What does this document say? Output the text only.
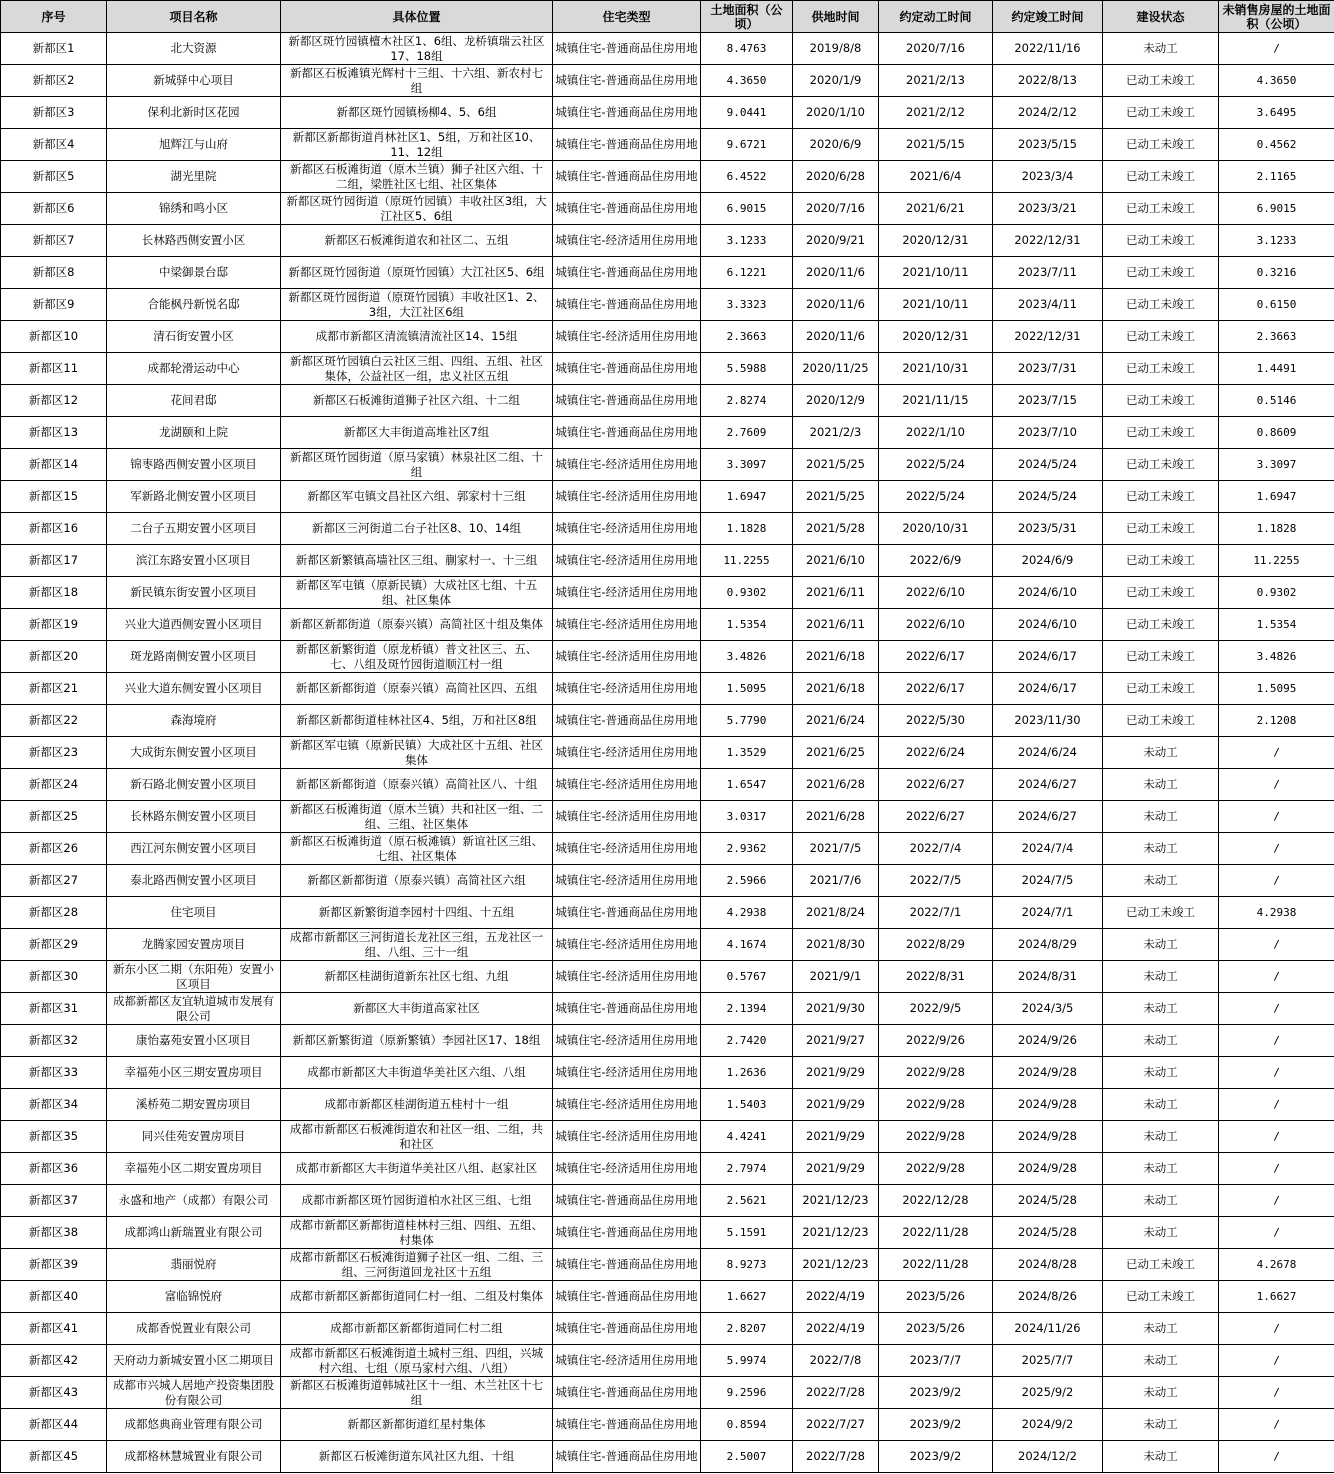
序号	项目名称	具体位置	住宅类型	土地面积（公顷）	供地时间	约定动工时间	约定竣工时间	建设状态	未销售房屋的土地面积（公顷）
新都区1	北大资源	新都区斑竹园镇檀木社区1、6组、龙桥镇瑞云社区17、18组	城镇住宅-普通商品住房用地	8.4763	2019/8/8	2020/7/16	2022/11/16	未动工	/
新都区2	新城驿中心项目	新都区石板滩镇光辉村十三组、十六组、新农村七组	城镇住宅-普通商品住房用地	4.3650	2020/1/9	2021/2/13	2022/8/13	已动工未竣工	4.3650
新都区3	保利北新时区花园	新都区斑竹园镇杨柳4、5、6组	城镇住宅-普通商品住房用地	9.0441	2020/1/10	2021/2/12	2024/2/12	已动工未竣工	3.6495
新都区4	旭辉江与山府	新都区新都街道肖林社区1、5组，万和社区10、11、12组	城镇住宅-普通商品住房用地	9.6721	2020/6/9	2021/5/15	2023/5/15	已动工未竣工	0.4562
新都区5	湖光里院	新都区石板滩街道（原木兰镇）狮子社区六组、十二组，梁胜社区七组、社区集体	城镇住宅-普通商品住房用地	6.4522	2020/6/28	2021/6/4	2023/3/4	已动工未竣工	2.1165
新都区6	锦绣和鸣小区	新都区斑竹园街道（原斑竹园镇）丰收社区3组，大江社区5、6组	城镇住宅-普通商品住房用地	6.9015	2020/7/16	2021/6/21	2023/3/21	已动工未竣工	6.9015
新都区7	长林路西侧安置小区	新都区石板滩街道农和社区二、五组	城镇住宅-经济适用住房用地	3.1233	2020/9/21	2020/12/31	2022/12/31	已动工未竣工	3.1233
新都区8	中梁御景台邸	新都区斑竹园街道（原斑竹园镇）大江社区5、6组	城镇住宅-普通商品住房用地	6.1221	2020/11/6	2021/10/11	2023/7/11	已动工未竣工	0.3216
新都区9	合能枫丹新悦名邸	新都区斑竹园街道（原斑竹园镇）丰收社区1、2、3组，大江社区6组	城镇住宅-普通商品住房用地	3.3323	2020/11/6	2021/10/11	2023/4/11	已动工未竣工	0.6150
新都区10	清石街安置小区	成都市新都区清流镇清流社区14、15组	城镇住宅-经济适用住房用地	2.3663	2020/11/6	2020/12/31	2022/12/31	已动工未竣工	2.3663
新都区11	成都轮滑运动中心	新都区斑竹园镇白云社区三组、四组、五组、社区集体，公益社区一组，忠义社区五组	城镇住宅-普通商品住房用地	5.5988	2020/11/25	2021/10/31	2023/7/31	已动工未竣工	1.4491
新都区12	花间君邸	新都区石板滩街道狮子社区六组、十二组	城镇住宅-普通商品住房用地	2.8274	2020/12/9	2021/11/15	2023/7/15	已动工未竣工	0.5146
新都区13	龙湖颐和上院	新都区大丰街道高堆社区7组	城镇住宅-普通商品住房用地	2.7609	2021/2/3	2022/1/10	2023/7/10	已动工未竣工	0.8609
新都区14	锦枣路西侧安置小区项目	新都区斑竹园街道（原马家镇）林泉社区二组、十组	城镇住宅-经济适用住房用地	3.3097	2021/5/25	2022/5/24	2024/5/24	已动工未竣工	3.3097
新都区15	军新路北侧安置小区项目	新都区军屯镇文昌社区六组、郭家村十三组	城镇住宅-经济适用住房用地	1.6947	2021/5/25	2022/5/24	2024/5/24	已动工未竣工	1.6947
新都区16	二台子五期安置小区项目	新都区三河街道二台子社区8、10、14组	城镇住宅-经济适用住房用地	1.1828	2021/5/28	2020/10/31	2023/5/31	已动工未竣工	1.1828
新都区17	滨江东路安置小区项目	新都区新繁镇高墙社区三组、蒯家村一、十三组	城镇住宅-经济适用住房用地	11.2255	2021/6/10	2022/6/9	2024/6/9	已动工未竣工	11.2255
新都区18	新民镇东街安置小区项目	新都区军屯镇（原新民镇）大成社区七组、十五组、社区集体	城镇住宅-经济适用住房用地	0.9302	2021/6/11	2022/6/10	2024/6/10	已动工未竣工	0.9302
新都区19	兴业大道西侧安置小区项目	新都区新都街道（原泰兴镇）高简社区十组及集体	城镇住宅-经济适用住房用地	1.5354	2021/6/11	2022/6/10	2024/6/10	已动工未竣工	1.5354
新都区20	斑龙路南侧安置小区项目	新都区新繁街道（原龙桥镇）普文社区三、五、七、八组及斑竹园街道顺江村一组	城镇住宅-经济适用住房用地	3.4826	2021/6/18	2022/6/17	2024/6/17	已动工未竣工	3.4826
新都区21	兴业大道东侧安置小区项目	新都区新都街道（原泰兴镇）高简社区四、五组	城镇住宅-经济适用住房用地	1.5095	2021/6/18	2022/6/17	2024/6/17	已动工未竣工	1.5095
新都区22	森海境府	新都区新都街道桂林社区4、5组，万和社区8组	城镇住宅-普通商品住房用地	5.7790	2021/6/24	2022/5/30	2023/11/30	已动工未竣工	2.1208
新都区23	大成街东侧安置小区项目	新都区军屯镇（原新民镇）大成社区十五组、社区集体	城镇住宅-经济适用住房用地	1.3529	2021/6/25	2022/6/24	2024/6/24	未动工	/
新都区24	新石路北侧安置小区项目	新都区新都街道（原泰兴镇）高简社区八、十组	城镇住宅-经济适用住房用地	1.6547	2021/6/28	2022/6/27	2024/6/27	未动工	/
新都区25	长林路东侧安置小区项目	新都区石板滩街道（原木兰镇）共和社区一组、二组、三组、社区集体	城镇住宅-经济适用住房用地	3.0317	2021/6/28	2022/6/27	2024/6/27	未动工	/
新都区26	西江河东侧安置小区项目	新都区石板滩街道（原石板滩镇）新谊社区三组、七组、社区集体	城镇住宅-经济适用住房用地	2.9362	2021/7/5	2022/7/4	2024/7/4	未动工	/
新都区27	泰北路西侧安置小区项目	新都区新都街道（原泰兴镇）高简社区六组	城镇住宅-经济适用住房用地	2.5966	2021/7/6	2022/7/5	2024/7/5	未动工	/
新都区28	住宅项目	新都区新繁街道李园村十四组、十五组	城镇住宅-普通商品住房用地	4.2938	2021/8/24	2022/7/1	2024/7/1	已动工未竣工	4.2938
新都区29	龙腾家园安置房项目	成都市新都区三河街道长龙社区三组，五龙社区一组、八组、三十一组	城镇住宅-经济适用住房用地	4.1674	2021/8/30	2022/8/29	2024/8/29	未动工	/
新都区30	新东小区二期（东阳苑）安置小区项目	新都区桂湖街道新东社区七组、九组	城镇住宅-经济适用住房用地	0.5767	2021/9/1	2022/8/31	2024/8/31	未动工	/
新都区31	成都新都区友宜轨道城市发展有限公司	新都区大丰街道高家社区	城镇住宅-普通商品住房用地	2.1394	2021/9/30	2022/9/5	2024/3/5	未动工	/
新都区32	康怡嘉苑安置小区项目	新都区新繁街道（原新繁镇）李园社区17、18组	城镇住宅-经济适用住房用地	2.7420	2021/9/27	2022/9/26	2024/9/26	未动工	/
新都区33	幸福苑小区三期安置房项目	成都市新都区大丰街道华美社区六组、八组	城镇住宅-经济适用住房用地	1.2636	2021/9/29	2022/9/28	2024/9/28	未动工	/
新都区34	溪桥苑二期安置房项目	成都市新都区桂湖街道五桂村十一组	城镇住宅-经济适用住房用地	1.5403	2021/9/29	2022/9/28	2024/9/28	未动工	/
新都区35	同兴佳苑安置房项目	成都市新都区石板滩街道农和社区一组、二组，共和社区	城镇住宅-经济适用住房用地	4.4241	2021/9/29	2022/9/28	2024/9/28	未动工	/
新都区36	幸福苑小区二期安置房项目	成都市新都区大丰街道华美社区八组、赵家社区	城镇住宅-经济适用住房用地	2.7974	2021/9/29	2022/9/28	2024/9/28	未动工	/
新都区37	永盛和地产（成都）有限公司	成都市新都区斑竹园街道柏水社区三组、七组	城镇住宅-普通商品住房用地	2.5621	2021/12/23	2022/12/28	2024/5/28	未动工	/
新都区38	成都鸿山新瑞置业有限公司	成都市新都区新都街道桂林村三组、四组、五组、村集体	城镇住宅-普通商品住房用地	5.1591	2021/12/23	2022/11/28	2024/5/28	未动工	/
新都区39	翡丽悦府	成都市新都区石板滩街道狮子社区一组、二组、三组、三河街道回龙社区十五组	城镇住宅-普通商品住房用地	8.9273	2021/12/23	2022/11/28	2024/8/28	已动工未竣工	4.2678
新都区40	富临锦悦府	成都市新都区新都街道同仁村一组、二组及村集体	城镇住宅-普通商品住房用地	1.6627	2022/4/19	2023/5/26	2024/8/26	已动工未竣工	1.6627
新都区41	成都香悦置业有限公司	成都市新都区新都街道同仁村二组	城镇住宅-普通商品住房用地	2.8207	2022/4/19	2023/5/26	2024/11/26	未动工	/
新都区42	天府动力新城安置小区二期项目	成都市新都区石板滩街道土城村三组、四组，兴城村六组、七组（原马家村六组、八组）	城镇住宅-经济适用住房用地	5.9974	2022/7/8	2023/7/7	2025/7/7	未动工	/
新都区43	成都市兴城人居地产投资集团股份有限公司	新都区石板滩街道韩城社区十一组、木兰社区十七组	城镇住宅-普通商品住房用地	9.2596	2022/7/28	2023/9/2	2025/9/2	未动工	/
新都区44	成都悠典商业管理有限公司	新都区新都街道红星村集体	城镇住宅-普通商品住房用地	0.8594	2022/7/27	2023/9/2	2024/9/2	未动工	/
新都区45	成都格林慧城置业有限公司	新都区石板滩街道东风社区九组、十组	城镇住宅-普通商品住房用地	2.5007	2022/7/28	2023/9/2	2024/12/2	未动工	/
